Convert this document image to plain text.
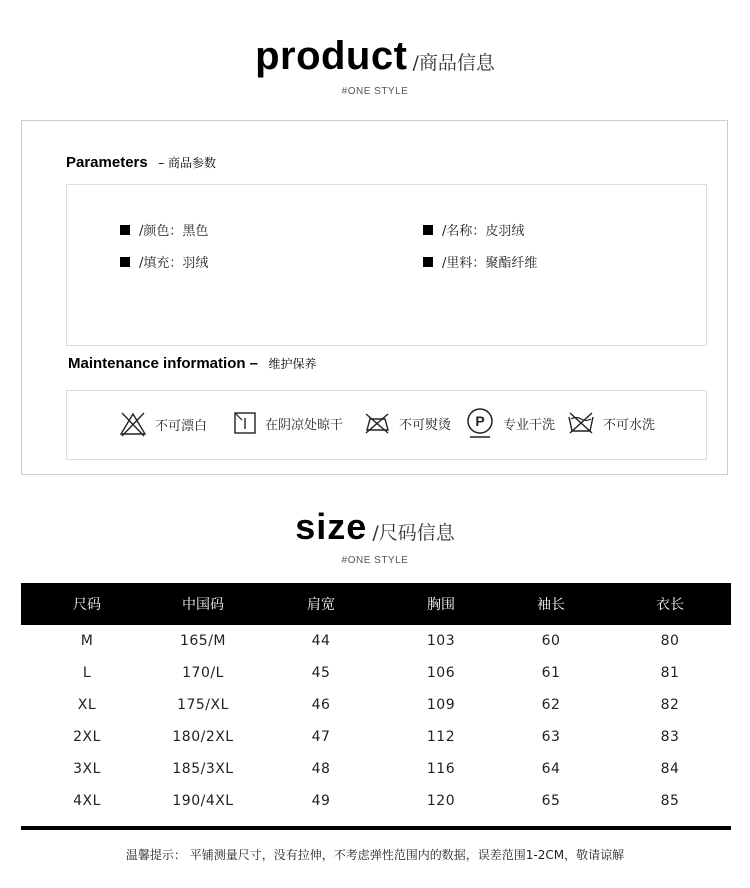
product /商品信息
#ONE STYLE
Parameters – 商品参数
/颜色：黑色	/名称：皮羽绒
/填充：羽绒	/里料：聚酯纤维
Maintenance information – 维护保养
不可漂白	在阴凉处晾干	不可熨烫 P 专业干洗	不可水洗
size /尺码信息
#ONE STYLE
尺码	中国码	肩宽	胸围	袖长	衣长
M	165/M	44	103	60	80
L	170/L	45	106	61	81
XL	175/XL	46	109	62	82
2XL	180/2XL	47	112	63	83
3XL	185/3XL	48	116	64	84
4XL	190/4XL	49	120	65	85
温馨提示： 平铺测量尺寸，没有拉伸，不考虑弹性范围内的数据，误差范围1-2CM，敬请谅解
